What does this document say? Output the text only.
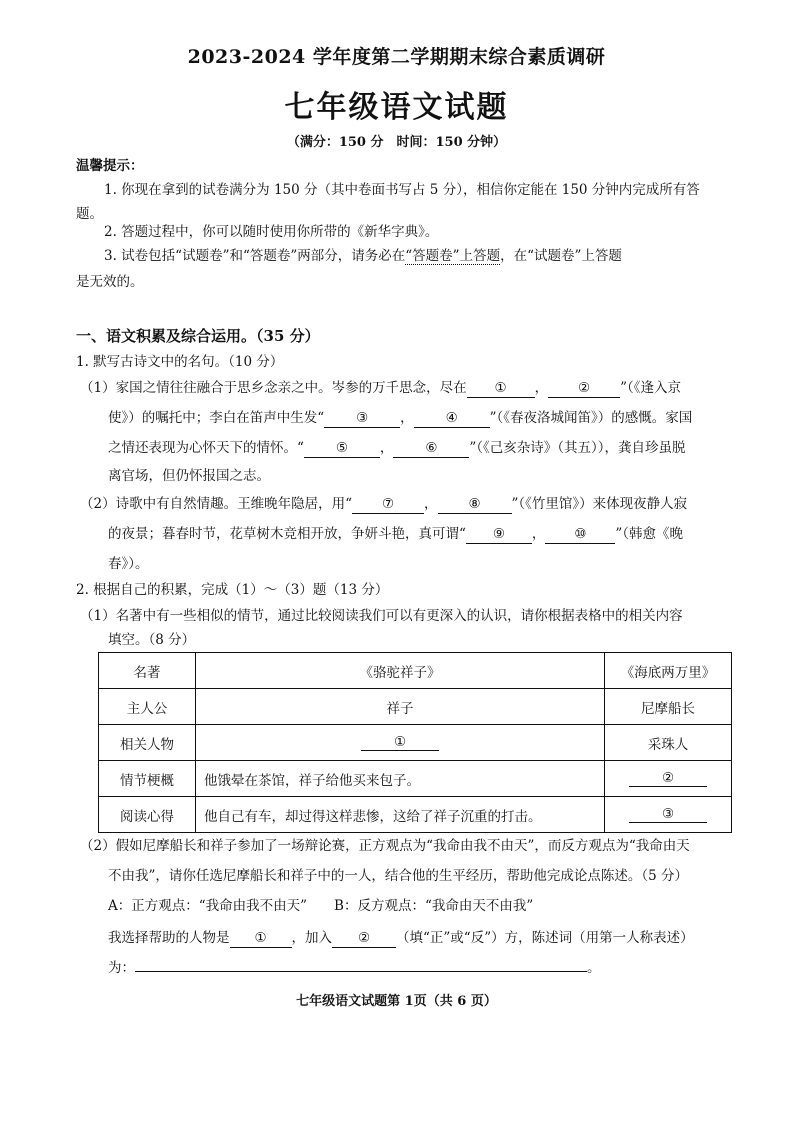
2023-2024 学年度第二学期期末综合素质调研
七年级语文试题
（满分：150 分　时间：150 分钟）
温馨提示：
1. 你现在拿到的试卷满分为 150 分（其中卷面书写占 5 分），相信你定能在 150 分钟内完成所有答
题。
2. 答题过程中，你可以随时使用你所带的《新华字典》。
3. 试卷包括“试题卷”和“答题卷”两部分，请务必在“答题卷”上答题，在“试题卷”上答题
是无效的。
一、语文积累及综合运用。（35 分）
1. 默写古诗文中的名句。（10 分）
（1）家国之情往往融合于思乡念亲之中。岑参的万千思念，尽在 ① ， ② ”（《逢入京
使》）的嘱托中；李白在笛声中生发“ ③ ， ④ ”（《春夜洛城闻笛》）的感慨。家国
之情还表现为心怀天下的情怀。“ ⑤ ， ⑥ ”（《己亥杂诗》（其五）），龚自珍虽脱
离官场，但仍怀报国之志。
（2）诗歌中有自然情趣。王维晚年隐居，用“ ⑦ ， ⑧ ”（《竹里馆》）来体现夜静人寂
的夜景；暮春时节，花草树木竞相开放，争妍斗艳，真可谓“ ⑨ ， ⑩ ”（韩愈《晚
春》）。
2. 根据自己的积累，完成（1）～（3）题（13 分）
（1）名著中有一些相似的情节，通过比较阅读我们可以有更深入的认识，请你根据表格中的相关内容
填空。（8 分）
名著	《骆驼祥子》	《海底两万里》
主人公	祥子	尼摩船长
相关人物	①	采珠人
情节梗概	他饿晕在茶馆，祥子给他买来包子。	②
阅读心得	他自己有车，却过得这样悲惨，这给了祥子沉重的打击。	③
（2）假如尼摩船长和祥子参加了一场辩论赛，正方观点为“我命由我不由天”，而反方观点为“我命由天
不由我”，请你任选尼摩船长和祥子中的一人，结合他的生平经历，帮助他完成论点陈述。（5 分）
A：正方观点：“我命由我不由天”　　B：反方观点：“我命由天不由我”
我选择帮助的人物是 ① ，加入 ② （填“正”或“反”）方，陈述词（用第一人称表述）
为：	。
七年级语文试题第 1页（共 6 页）
